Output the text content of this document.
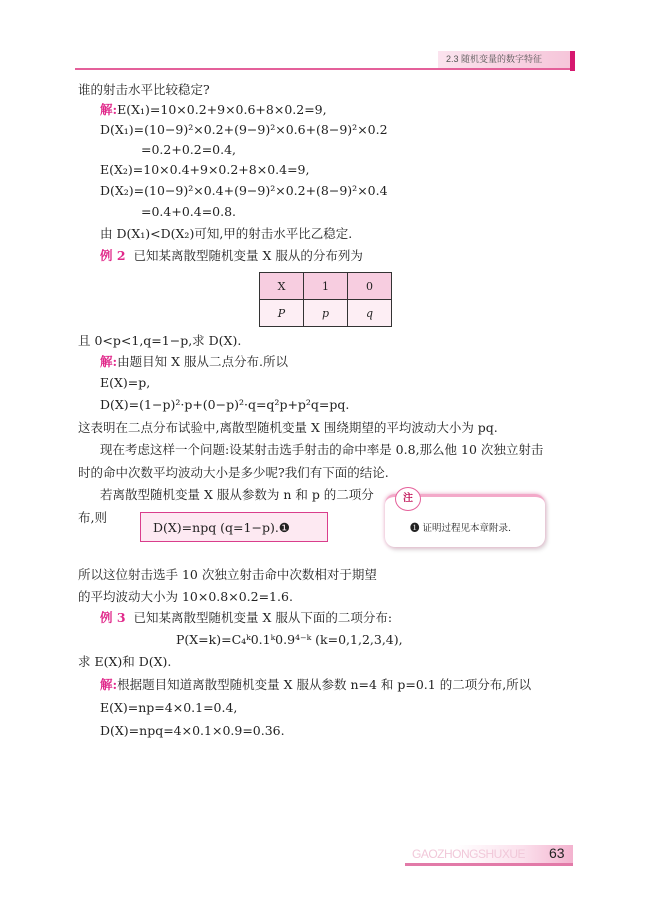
2.3 随机变量的数字特征
谁的射击水平比较稳定?
解:E(X₁)=10×0.2+9×0.6+8×0.2=9,
D(X₁)=(10−9)²×0.2+(9−9)²×0.6+(8−9)²×0.2
=0.2+0.2=0.4,
E(X₂)=10×0.4+9×0.2+8×0.4=9,
D(X₂)=(10−9)²×0.4+(9−9)²×0.2+(8−9)²×0.4
=0.4+0.4=0.8.
由 D(X₁)<D(X₂)可知,甲的射击水平比乙稳定.
例 2 已知某离散型随机变量 X 服从的分布列为
X	1	0
P	p	q
且 0<p<1,q=1−p,求 D(X).
解:由题目知 X 服从二点分布.所以
E(X)=p,
D(X)=(1−p)²·p+(0−p)²·q=q²p+p²q=pq.
这表明在二点分布试验中,离散型随机变量 X 围绕期望的平均波动大小为 pq.
现在考虑这样一个问题:设某射击选手射击的命中率是 0.8,那么他 10 次独立射击
时的命中次数平均波动大小是多少呢?我们有下面的结论.
若离散型随机变量 X 服从参数为 n 和 p 的二项分
布,则
D(X)=npq (q=1−p).❶
注
❶ 证明过程见本章附录.
所以这位射击选手 10 次独立射击命中次数相对于期望
的平均波动大小为 10×0.8×0.2=1.6.
例 3 已知某离散型随机变量 X 服从下面的二项分布:
P(X=k)=C₄ᵏ0.1ᵏ0.9⁴⁻ᵏ (k=0,1,2,3,4),
求 E(X)和 D(X).
解:根据题目知道离散型随机变量 X 服从参数 n=4 和 p=0.1 的二项分布,所以
E(X)=np=4×0.1=0.4,
D(X)=npq=4×0.1×0.9=0.36.
GAOZHONGSHUXUE 63
